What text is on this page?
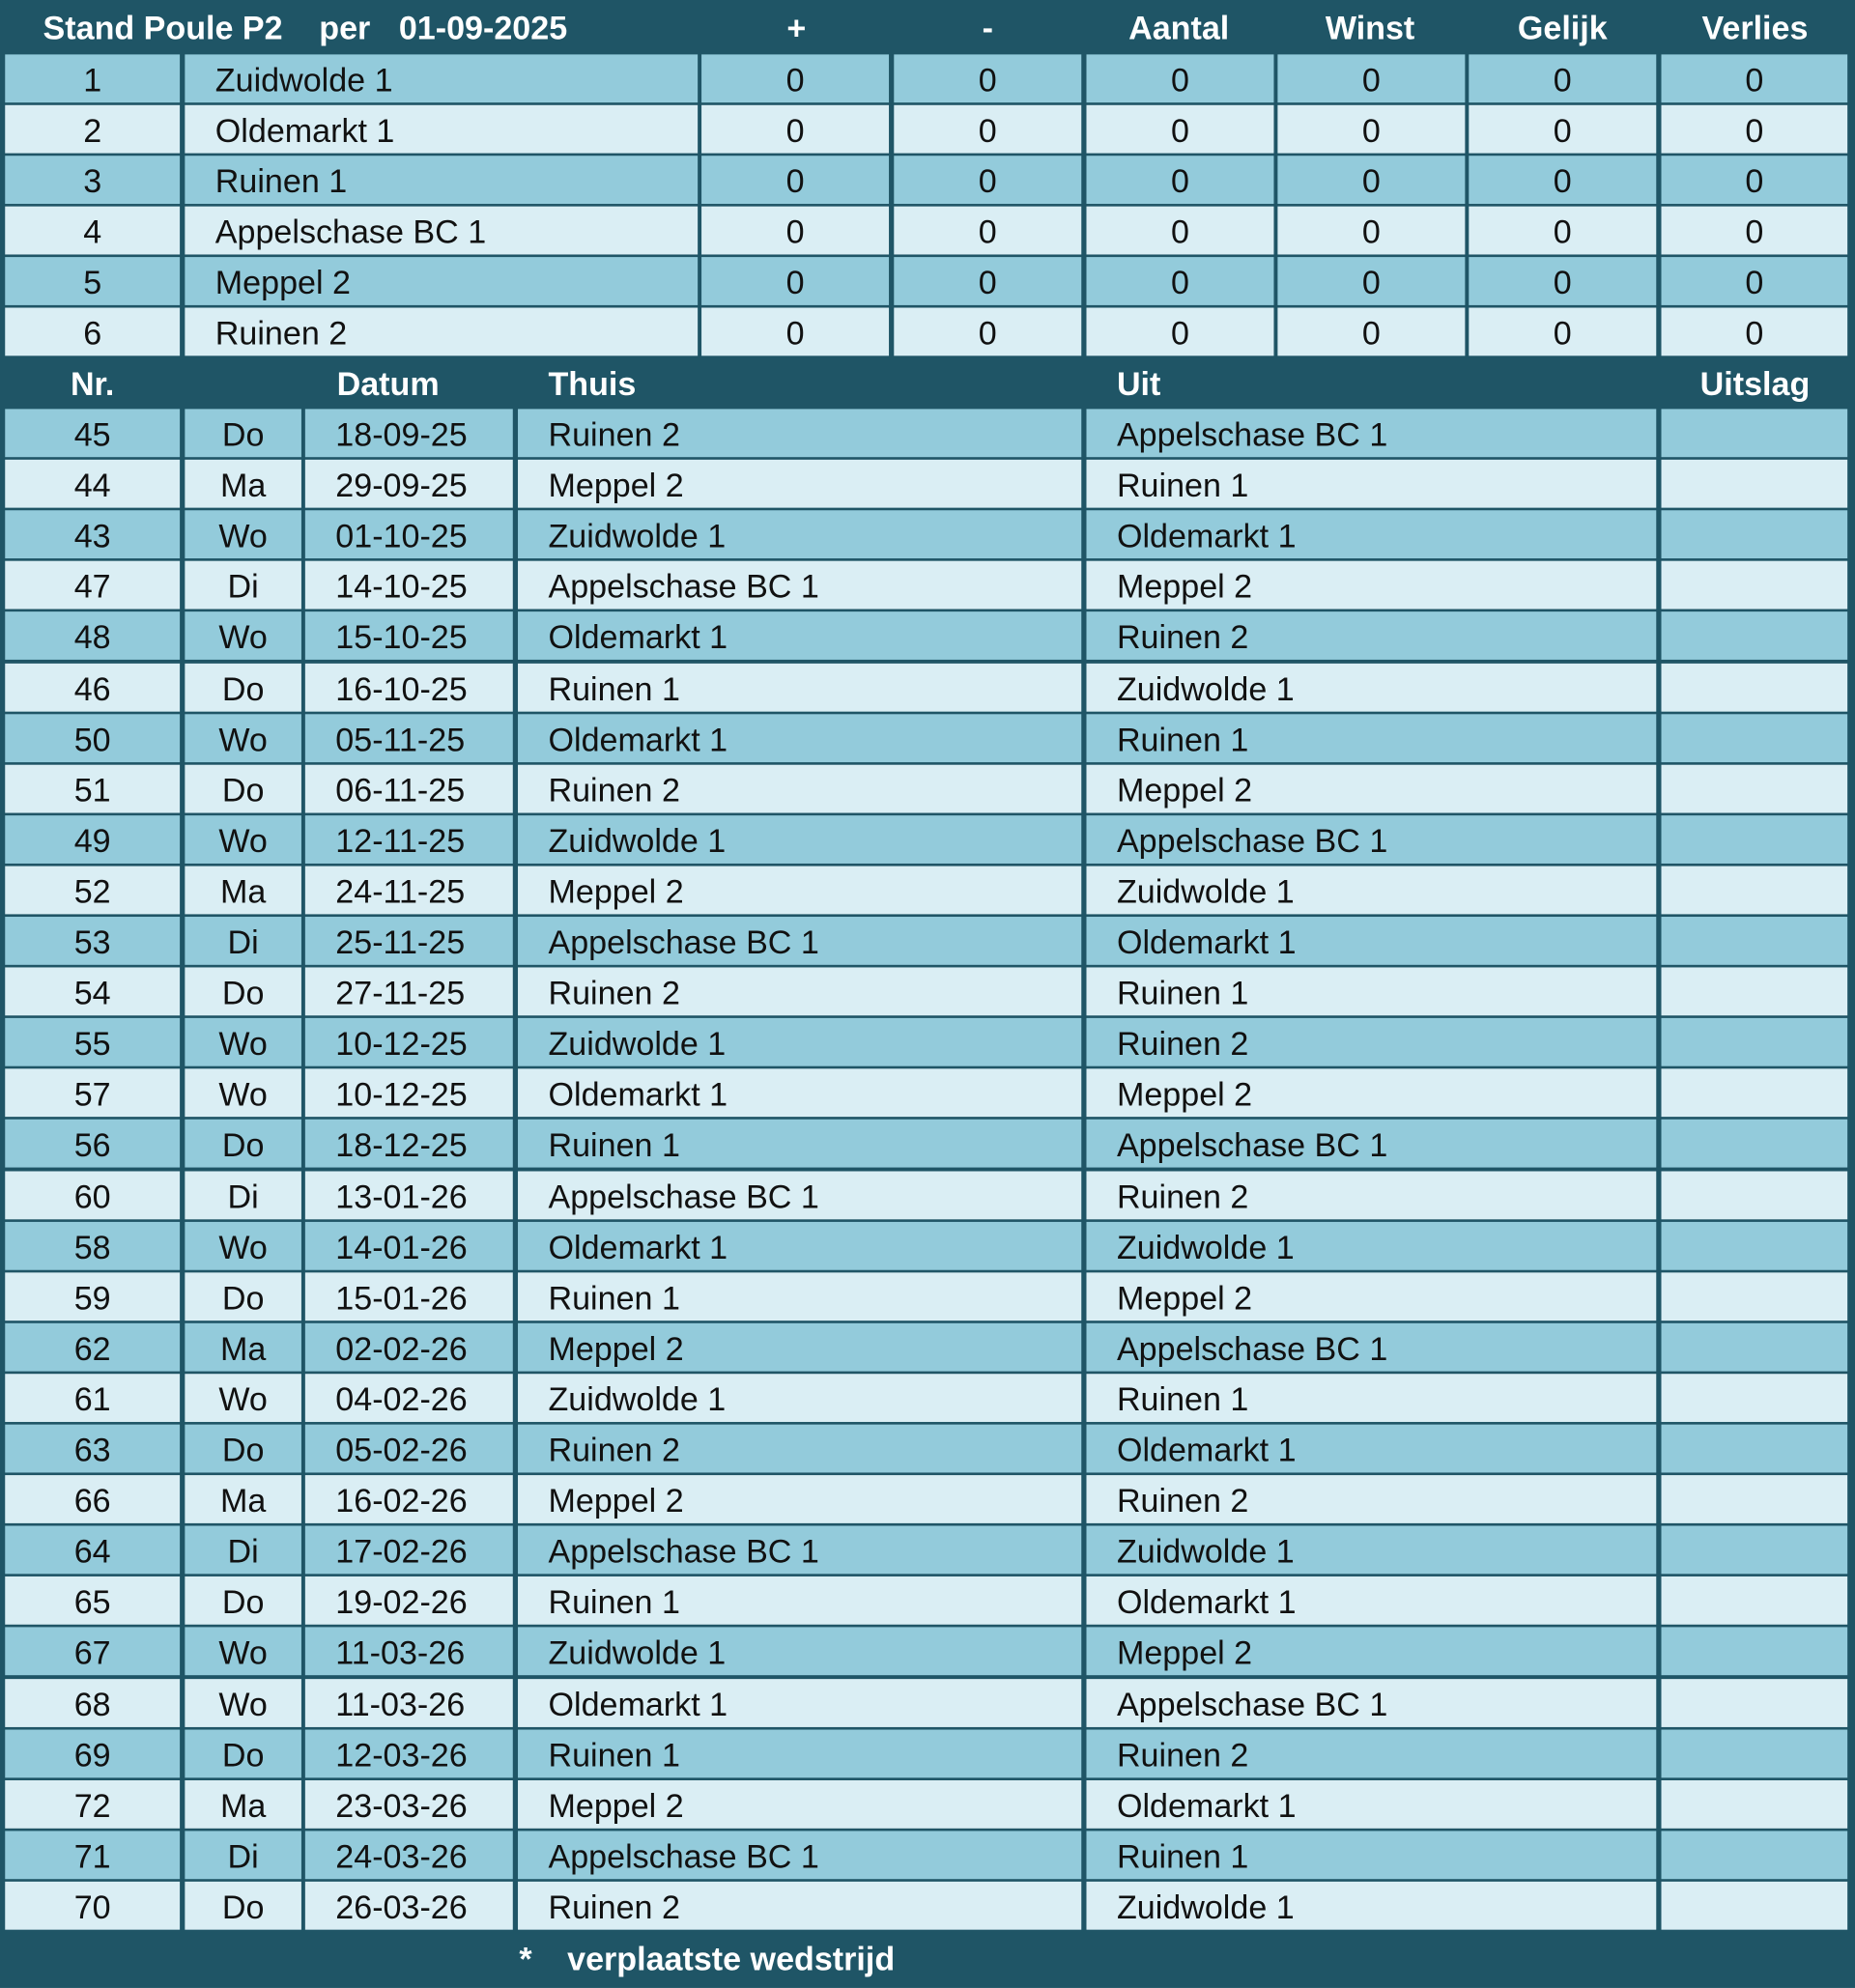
Stand Poule P2	per	01-09-2025	+	-	Aantal	Winst	Gelijk	Verlies
1	Zuidwolde 1	0	0	0	0	0	0
2	Oldemarkt 1	0	0	0	0	0	0
3	Ruinen 1	0	0	0	0	0	0
4	Appelschase BC 1	0	0	0	0	0	0
5	Meppel 2	0	0	0	0	0	0
6	Ruinen 2	0	0	0	0	0	0
Nr.	Datum	Thuis	Uit	Uitslag
45	Do	18-09-25	Ruinen 2	Appelschase BC 1
44	Ma	29-09-25	Meppel 2	Ruinen 1
43	Wo	01-10-25	Zuidwolde 1	Oldemarkt 1
47	Di	14-10-25	Appelschase BC 1	Meppel 2
48	Wo	15-10-25	Oldemarkt 1	Ruinen 2
46	Do	16-10-25	Ruinen 1	Zuidwolde 1
50	Wo	05-11-25	Oldemarkt 1	Ruinen 1
51	Do	06-11-25	Ruinen 2	Meppel 2
49	Wo	12-11-25	Zuidwolde 1	Appelschase BC 1
52	Ma	24-11-25	Meppel 2	Zuidwolde 1
53	Di	25-11-25	Appelschase BC 1	Oldemarkt 1
54	Do	27-11-25	Ruinen 2	Ruinen 1
55	Wo	10-12-25	Zuidwolde 1	Ruinen 2
57	Wo	10-12-25	Oldemarkt 1	Meppel 2
56	Do	18-12-25	Ruinen 1	Appelschase BC 1
60	Di	13-01-26	Appelschase BC 1	Ruinen 2
58	Wo	14-01-26	Oldemarkt 1	Zuidwolde 1
59	Do	15-01-26	Ruinen 1	Meppel 2
62	Ma	02-02-26	Meppel 2	Appelschase BC 1
61	Wo	04-02-26	Zuidwolde 1	Ruinen 1
63	Do	05-02-26	Ruinen 2	Oldemarkt 1
66	Ma	16-02-26	Meppel 2	Ruinen 2
64	Di	17-02-26	Appelschase BC 1	Zuidwolde 1
65	Do	19-02-26	Ruinen 1	Oldemarkt 1
67	Wo	11-03-26	Zuidwolde 1	Meppel 2
68	Wo	11-03-26	Oldemarkt 1	Appelschase BC 1
69	Do	12-03-26	Ruinen 1	Ruinen 2
72	Ma	23-03-26	Meppel 2	Oldemarkt 1
71	Di	24-03-26	Appelschase BC 1	Ruinen 1
70	Do	26-03-26	Ruinen 2	Zuidwolde 1
* verplaatste wedstrijd
